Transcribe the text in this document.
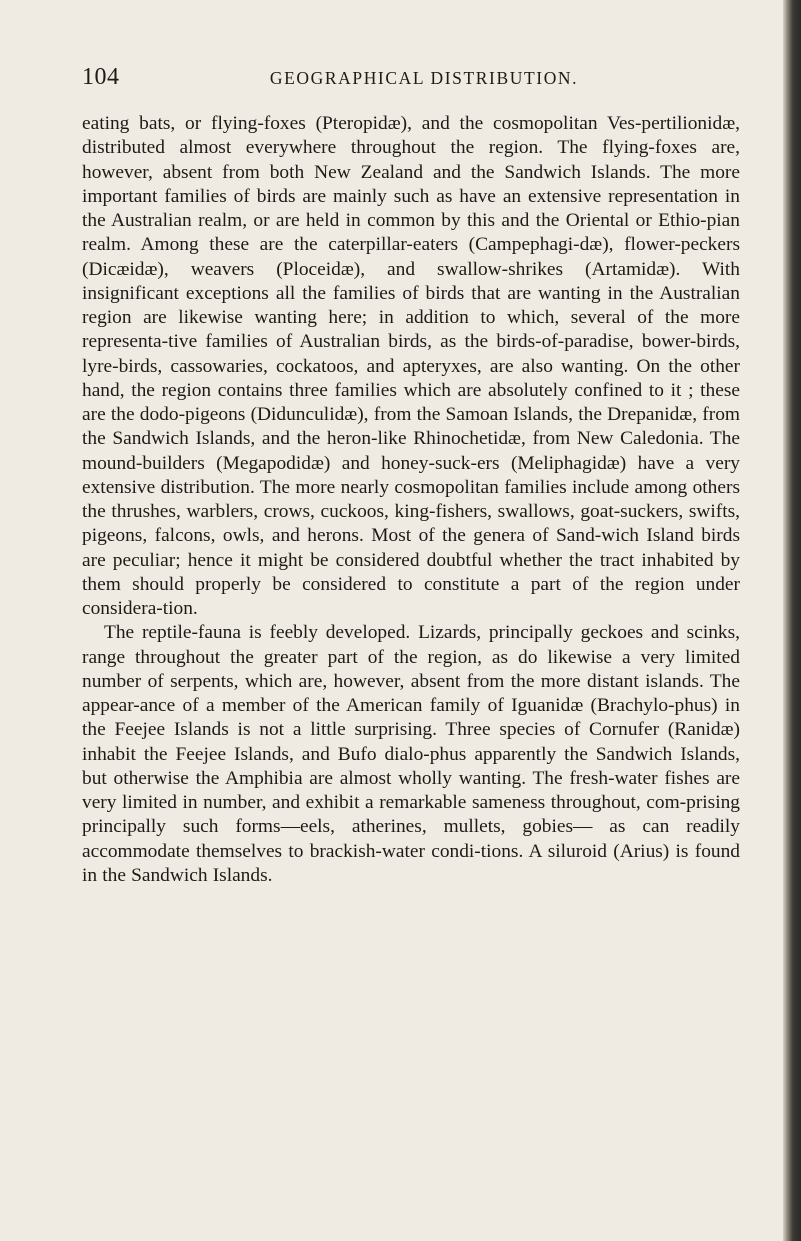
104	GEOGRAPHICAL DISTRIBUTION.

eating bats, or flying-foxes (Pteropidæ), and the cosmopolitan Ves-pertilionidæ, distributed almost everywhere throughout the region. The flying-foxes are, however, absent from both New Zealand and the Sandwich Islands. The more important families of birds are mainly such as have an extensive representation in the Australian realm, or are held in common by this and the Oriental or Ethio-pian realm. Among these are the caterpillar-eaters (Campephagi-dæ), flower-peckers (Dicæidæ), weavers (Ploceidæ), and swallow-shrikes (Artamidæ). With insignificant exceptions all the families of birds that are wanting in the Australian region are likewise wanting here; in addition to which, several of the more representa-tive families of Australian birds, as the birds-of-paradise, bower-birds, lyre-birds, cassowaries, cockatoos, and apteryxes, are also wanting. On the other hand, the region contains three families which are absolutely confined to it ; these are the dodo-pigeons (Didunculidæ), from the Samoan Islands, the Drepanidæ, from the Sandwich Islands, and the heron-like Rhinochetidæ, from New Caledonia. The mound-builders (Megapodidæ) and honey-suck-ers (Meliphagidæ) have a very extensive distribution. The more nearly cosmopolitan families include among others the thrushes, warblers, crows, cuckoos, king-fishers, swallows, goat-suckers, swifts, pigeons, falcons, owls, and herons. Most of the genera of Sand-wich Island birds are peculiar; hence it might be considered doubtful whether the tract inhabited by them should properly be considered to constitute a part of the region under considera-tion.

The reptile-fauna is feebly developed. Lizards, principally geckoes and scinks, range throughout the greater part of the region, as do likewise a very limited number of serpents, which are, however, absent from the more distant islands. The appear-ance of a member of the American family of Iguanidæ (Brachylo-phus) in the Feejee Islands is not a little surprising. Three species of Cornufer (Ranidæ) inhabit the Feejee Islands, and Bufo dialo-phus apparently the Sandwich Islands, but otherwise the Amphibia are almost wholly wanting. The fresh-water fishes are very limited in number, and exhibit a remarkable sameness throughout, com-prising principally such forms—eels, atherines, mullets, gobies— as can readily accommodate themselves to brackish-water condi-tions. A siluroid (Arius) is found in the Sandwich Islands.
